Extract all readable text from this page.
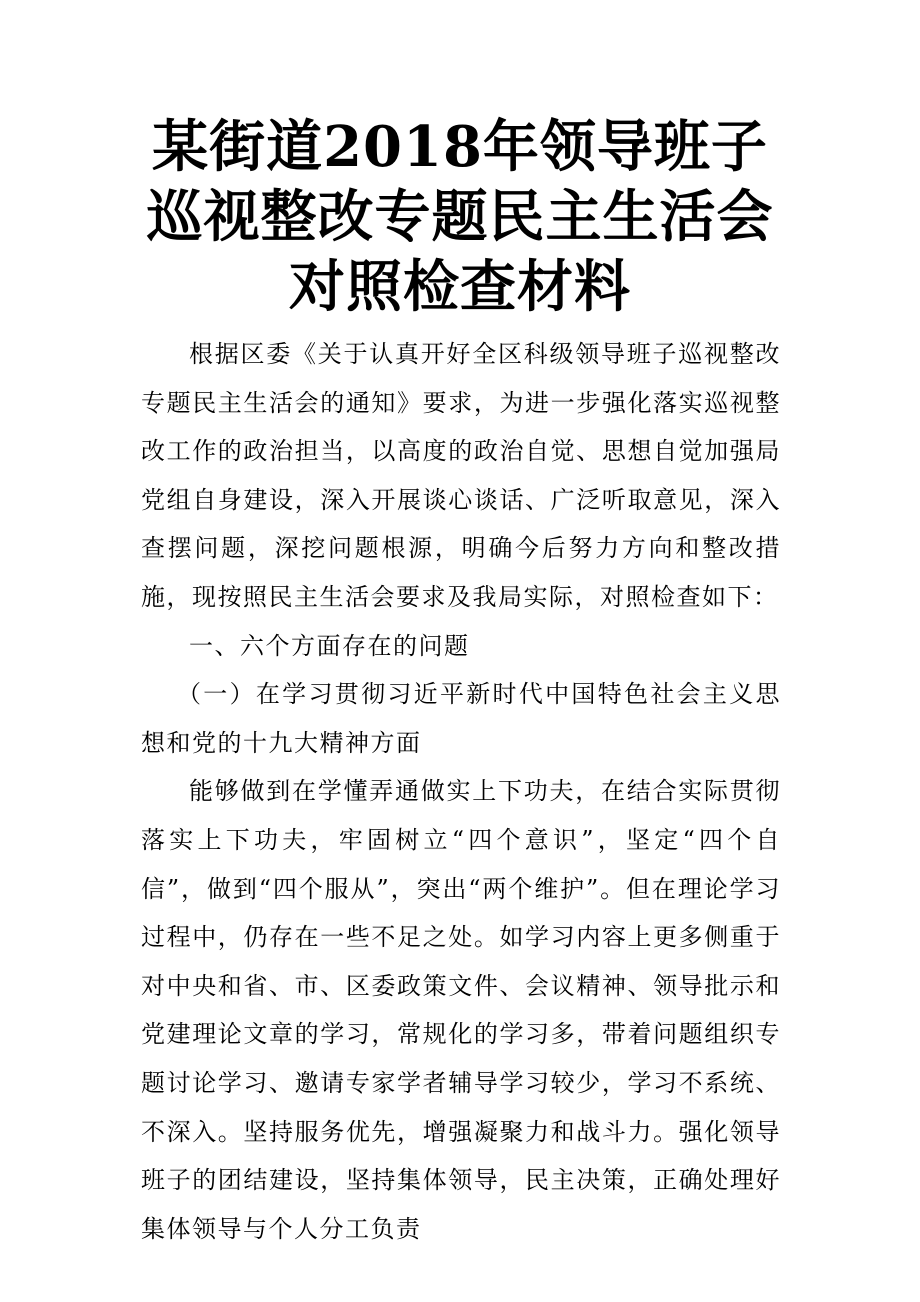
某街道2018年领导班子巡视整改专题民主生活会对照检查材料

根据区委《关于认真开好全区科级领导班子巡视整改专题民主生活会的通知》要求，为进一步强化落实巡视整改工作的政治担当，以高度的政治自觉、思想自觉加强局党组自身建设，深入开展谈心谈话、广泛听取意见，深入查摆问题，深挖问题根源，明确今后努力方向和整改措施，现按照民主生活会要求及我局实际，对照检查如下：

一、六个方面存在的问题

（一）在学习贯彻习近平新时代中国特色社会主义思想和党的十九大精神方面

能够做到在学懂弄通做实上下功夫，在结合实际贯彻落实上下功夫，牢固树立“四个意识”，坚定“四个自信”，做到“四个服从”，突出“两个维护”。但在理论学习过程中，仍存在一些不足之处。如学习内容上更多侧重于对中央和省、市、区委政策文件、会议精神、领导批示和党建理论文章的学习，常规化的学习多，带着问题组织专题讨论学习、邀请专家学者辅导学习较少，学习不系统、不深入。坚持服务优先，增强凝聚力和战斗力。强化领导班子的团结建设，坚持集体领导，民主决策，正确处理好集体领导与个人分工负责
